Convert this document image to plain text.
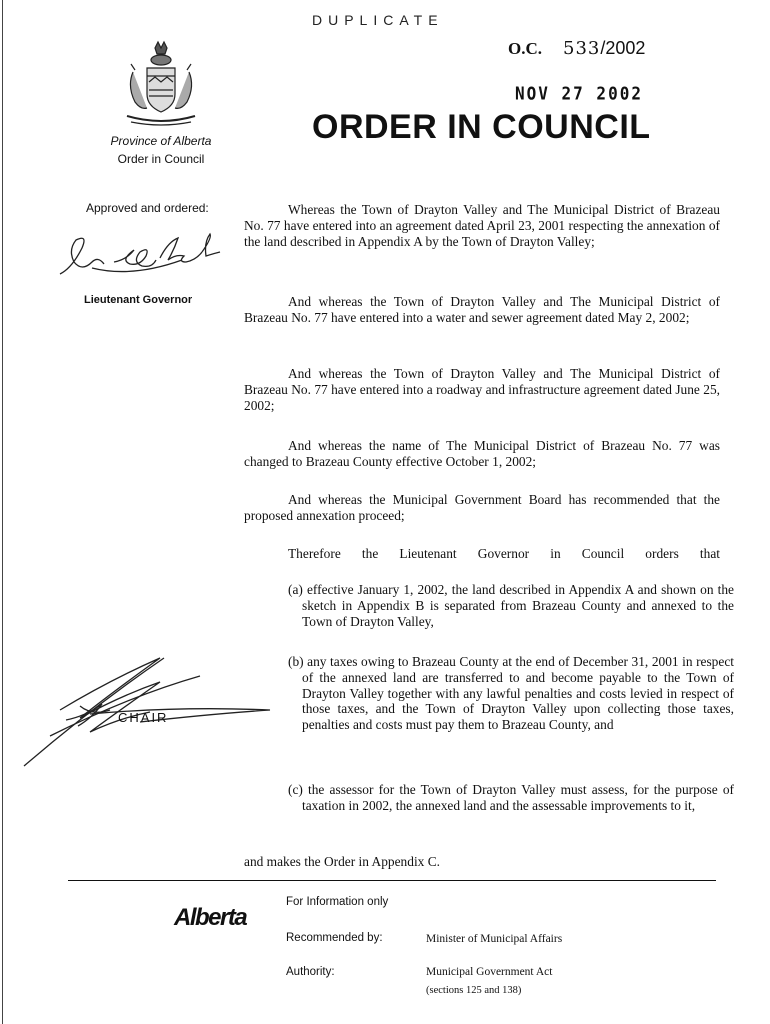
DUPLICATE
O.C. 533/2002
NOV 27 2002
ORDER IN COUNCIL
Province of Alberta
Order in Council
Approved and ordered:
Lieutenant Governor
CHAIR
Whereas the Town of Drayton Valley and The Municipal District of Brazeau No. 77 have entered into an agreement dated April 23, 2001 respecting the annexation of the land described in Appendix A by the Town of Drayton Valley;
And whereas the Town of Drayton Valley and The Municipal District of Brazeau No. 77 have entered into a water and sewer agreement dated May 2, 2002;
And whereas the Town of Drayton Valley and The Municipal District of Brazeau No. 77 have entered into a roadway and infrastructure agreement dated June 25, 2002;
And whereas the name of The Municipal District of Brazeau No. 77 was changed to Brazeau County effective October 1, 2002;
And whereas the Municipal Government Board has recommended that the proposed annexation proceed;
Therefore the Lieutenant Governor in Council orders that
(a) effective January 1, 2002, the land described in Appendix A and shown on the sketch in Appendix B is separated from Brazeau County and annexed to the Town of Drayton Valley,
(b) any taxes owing to Brazeau County at the end of December 31, 2001 in respect of the annexed land are transferred to and become payable to the Town of Drayton Valley together with any lawful penalties and costs levied in respect of those taxes, and the Town of Drayton Valley upon collecting those taxes, penalties and costs must pay them to Brazeau County, and
(c) the assessor for the Town of Drayton Valley must assess, for the purpose of taxation in 2002, the annexed land and the assessable improvements to it,
and makes the Order in Appendix C.
Alberta
For Information only
Recommended by:	Minister of Municipal Affairs
Authority:	Municipal Government Act
(sections 125 and 138)
